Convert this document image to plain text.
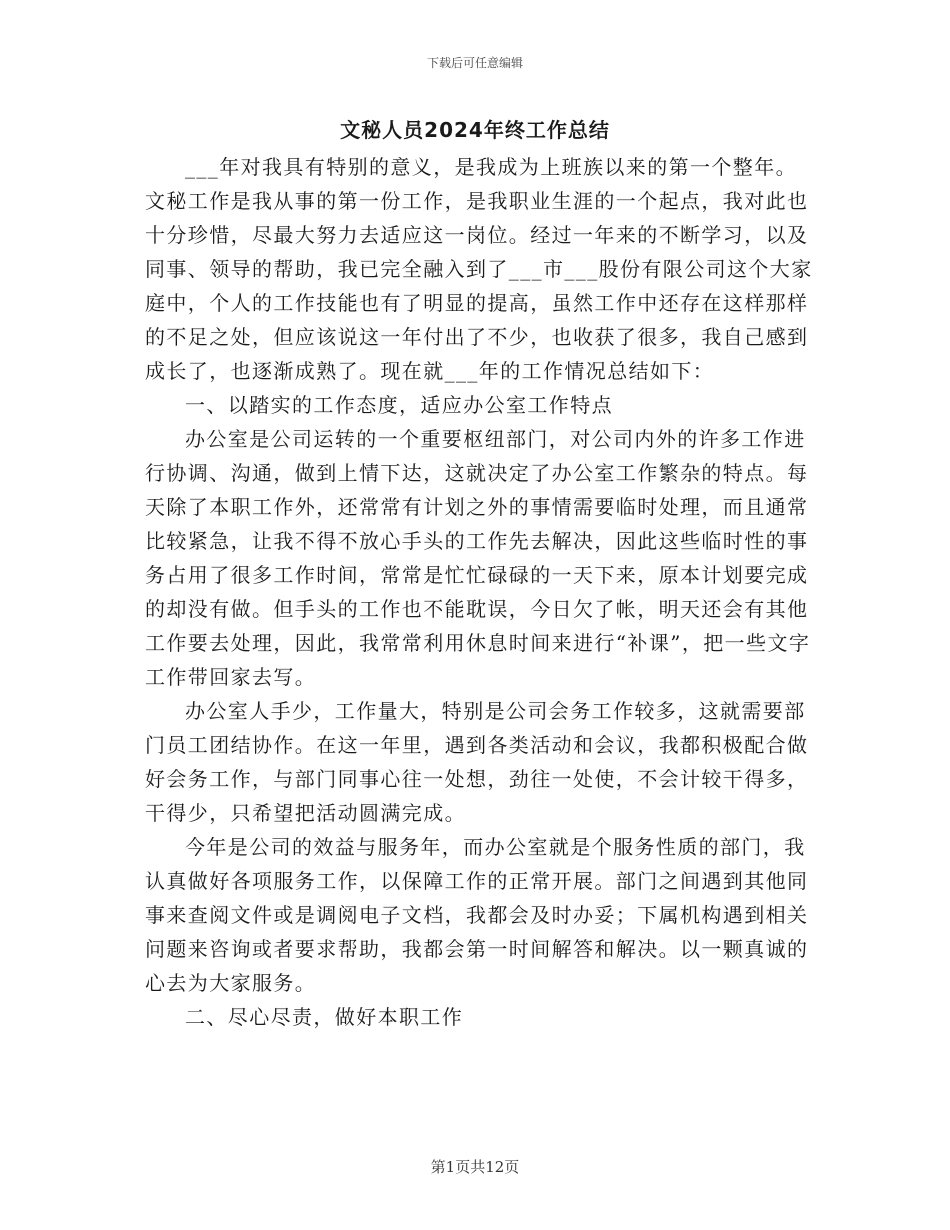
下载后可任意编辑
文秘人员2024年终工作总结

___年对我具有特别的意义，是我成为上班族以来的第一个整年。文秘工作是我从事的第一份工作，是我职业生涯的一个起点，我对此也十分珍惜，尽最大努力去适应这一岗位。经过一年来的不断学习，以及同事、领导的帮助，我已完全融入到了___市___股份有限公司这个大家庭中，个人的工作技能也有了明显的提高，虽然工作中还存在这样那样的不足之处，但应该说这一年付出了不少，也收获了很多，我自己感到成长了，也逐渐成熟了。现在就___年的工作情况总结如下：

一、以踏实的工作态度，适应办公室工作特点

办公室是公司运转的一个重要枢纽部门，对公司内外的许多工作进行协调、沟通，做到上情下达，这就决定了办公室工作繁杂的特点。每天除了本职工作外，还常常有计划之外的事情需要临时处理，而且通常比较紧急，让我不得不放心手头的工作先去解决，因此这些临时性的事务占用了很多工作时间，常常是忙忙碌碌的一天下来，原本计划要完成的却没有做。但手头的工作也不能耽误，今日欠了帐，明天还会有其他工作要去处理，因此，我常常利用休息时间来进行“补课”，把一些文字工作带回家去写。

办公室人手少，工作量大，特别是公司会务工作较多，这就需要部门员工团结协作。在这一年里，遇到各类活动和会议，我都积极配合做好会务工作，与部门同事心往一处想，劲往一处使，不会计较干得多，干得少，只希望把活动圆满完成。

今年是公司的效益与服务年，而办公室就是个服务性质的部门，我认真做好各项服务工作，以保障工作的正常开展。部门之间遇到其他同事来查阅文件或是调阅电子文档，我都会及时办妥；下属机构遇到相关问题来咨询或者要求帮助，我都会第一时间解答和解决。以一颗真诚的心去为大家服务。

二、尽心尽责，做好本职工作

第1页共12页
